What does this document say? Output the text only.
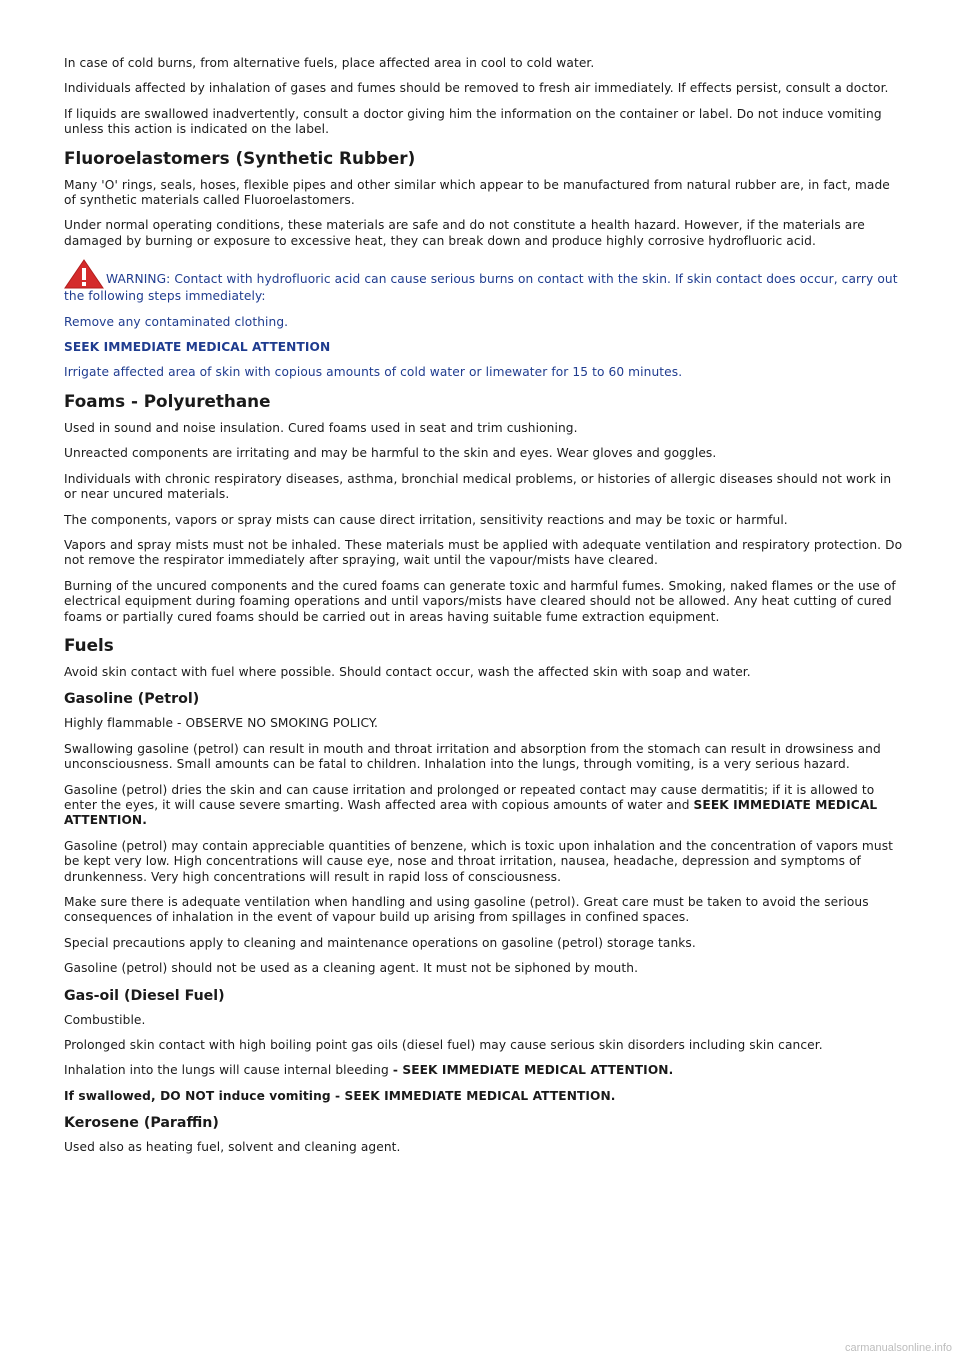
In case of cold burns, from alternative fuels, place affected area in cool to cold water.

Individuals affected by inhalation of gases and fumes should be removed to fresh air immediately. If effects persist, consult a doctor.

If liquids are swallowed inadvertently, consult a doctor giving him the information on the container or label. Do not induce vomiting unless this action is indicated on the label.

Fluoroelastomers (Synthetic Rubber)

Many 'O' rings, seals, hoses, flexible pipes and other similar which appear to be manufactured from natural rubber are, in fact, made of synthetic materials called Fluoroelastomers.

Under normal operating conditions, these materials are safe and do not constitute a health hazard. However, if the materials are damaged by burning or exposure to excessive heat, they can break down and produce highly corrosive hydrofluoric acid.

WARNING: Contact with hydrofluoric acid can cause serious burns on contact with the skin. If skin contact does occur, carry out the following steps immediately:

Remove any contaminated clothing.

SEEK IMMEDIATE MEDICAL ATTENTION

Irrigate affected area of skin with copious amounts of cold water or limewater for 15 to 60 minutes.

Foams - Polyurethane

Used in sound and noise insulation. Cured foams used in seat and trim cushioning.

Unreacted components are irritating and may be harmful to the skin and eyes. Wear gloves and goggles.

Individuals with chronic respiratory diseases, asthma, bronchial medical problems, or histories of allergic diseases should not work in or near uncured materials.

The components, vapors or spray mists can cause direct irritation, sensitivity reactions and may be toxic or harmful.

Vapors and spray mists must not be inhaled. These materials must be applied with adequate ventilation and respiratory protection. Do not remove the respirator immediately after spraying, wait until the vapour/mists have cleared.

Burning of the uncured components and the cured foams can generate toxic and harmful fumes. Smoking, naked flames or the use of electrical equipment during foaming operations and until vapors/mists have cleared should not be allowed. Any heat cutting of cured foams or partially cured foams should be carried out in areas having suitable fume extraction equipment.

Fuels

Avoid skin contact with fuel where possible. Should contact occur, wash the affected skin with soap and water.

Gasoline (Petrol)

Highly flammable - OBSERVE NO SMOKING POLICY.

Swallowing gasoline (petrol) can result in mouth and throat irritation and absorption from the stomach can result in drowsiness and unconsciousness. Small amounts can be fatal to children. Inhalation into the lungs, through vomiting, is a very serious hazard.

Gasoline (petrol) dries the skin and can cause irritation and prolonged or repeated contact may cause dermatitis; if it is allowed to enter the eyes, it will cause severe smarting. Wash affected area with copious amounts of water and SEEK IMMEDIATE MEDICAL ATTENTION.

Gasoline (petrol) may contain appreciable quantities of benzene, which is toxic upon inhalation and the concentration of vapors must be kept very low. High concentrations will cause eye, nose and throat irritation, nausea, headache, depression and symptoms of drunkenness. Very high concentrations will result in rapid loss of consciousness.

Make sure there is adequate ventilation when handling and using gasoline (petrol). Great care must be taken to avoid the serious consequences of inhalation in the event of vapour build up arising from spillages in confined spaces.

Special precautions apply to cleaning and maintenance operations on gasoline (petrol) storage tanks.

Gasoline (petrol) should not be used as a cleaning agent. It must not be siphoned by mouth.

Gas-oil (Diesel Fuel)

Combustible.

Prolonged skin contact with high boiling point gas oils (diesel fuel) may cause serious skin disorders including skin cancer.

Inhalation into the lungs will cause internal bleeding - SEEK IMMEDIATE MEDICAL ATTENTION.

If swallowed, DO NOT induce vomiting - SEEK IMMEDIATE MEDICAL ATTENTION.

Kerosene (Paraffin)

Used also as heating fuel, solvent and cleaning agent.

carmanualsonline.info
